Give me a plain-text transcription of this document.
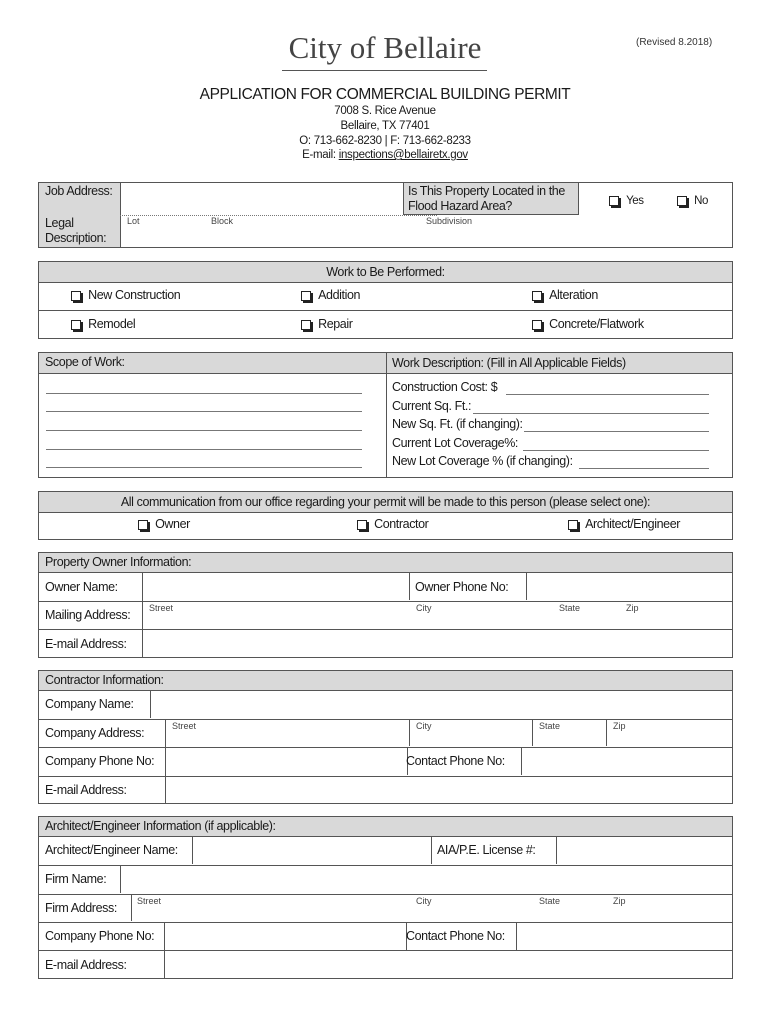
City of Bellaire	(Revised 8.2018)
APPLICATION FOR COMMERCIAL BUILDING PERMIT
7008 S. Rice Avenue
Bellaire, TX 77401
O: 713-662-8230 | F: 713-662-8233
E-mail: inspections@bellairetx.gov
Job Address:
Legal Description:
Lot	Block	Subdivision
Is This Property Located in the Flood Hazard Area?	Yes	No
Work to Be Performed:
New Construction	Addition	Alteration
Remodel	Repair	Concrete/Flatwork
Scope of Work:	Work Description: (Fill in All Applicable Fields)
Construction Cost: $
Current Sq. Ft.:
New Sq. Ft. (if changing):
Current Lot Coverage%:
New Lot Coverage % (if changing):
All communication from our office regarding your permit will be made to this person (please select one):
Owner	Contractor	Architect/Engineer
Property Owner Information:
Owner Name:	Owner Phone No:
Mailing Address: Street	City	State	Zip
E-mail Address:
Contractor Information:
Company Name:
Company Address:	Street	City	State	Zip
Company Phone No:	Contact Phone No:
E-mail Address:
Architect/Engineer Information (if applicable):
Architect/Engineer Name:	AIA/P.E. License #:
Firm Name:
Firm Address: Street	City	State	Zip
Company Phone No:	Contact Phone No:
E-mail Address:
